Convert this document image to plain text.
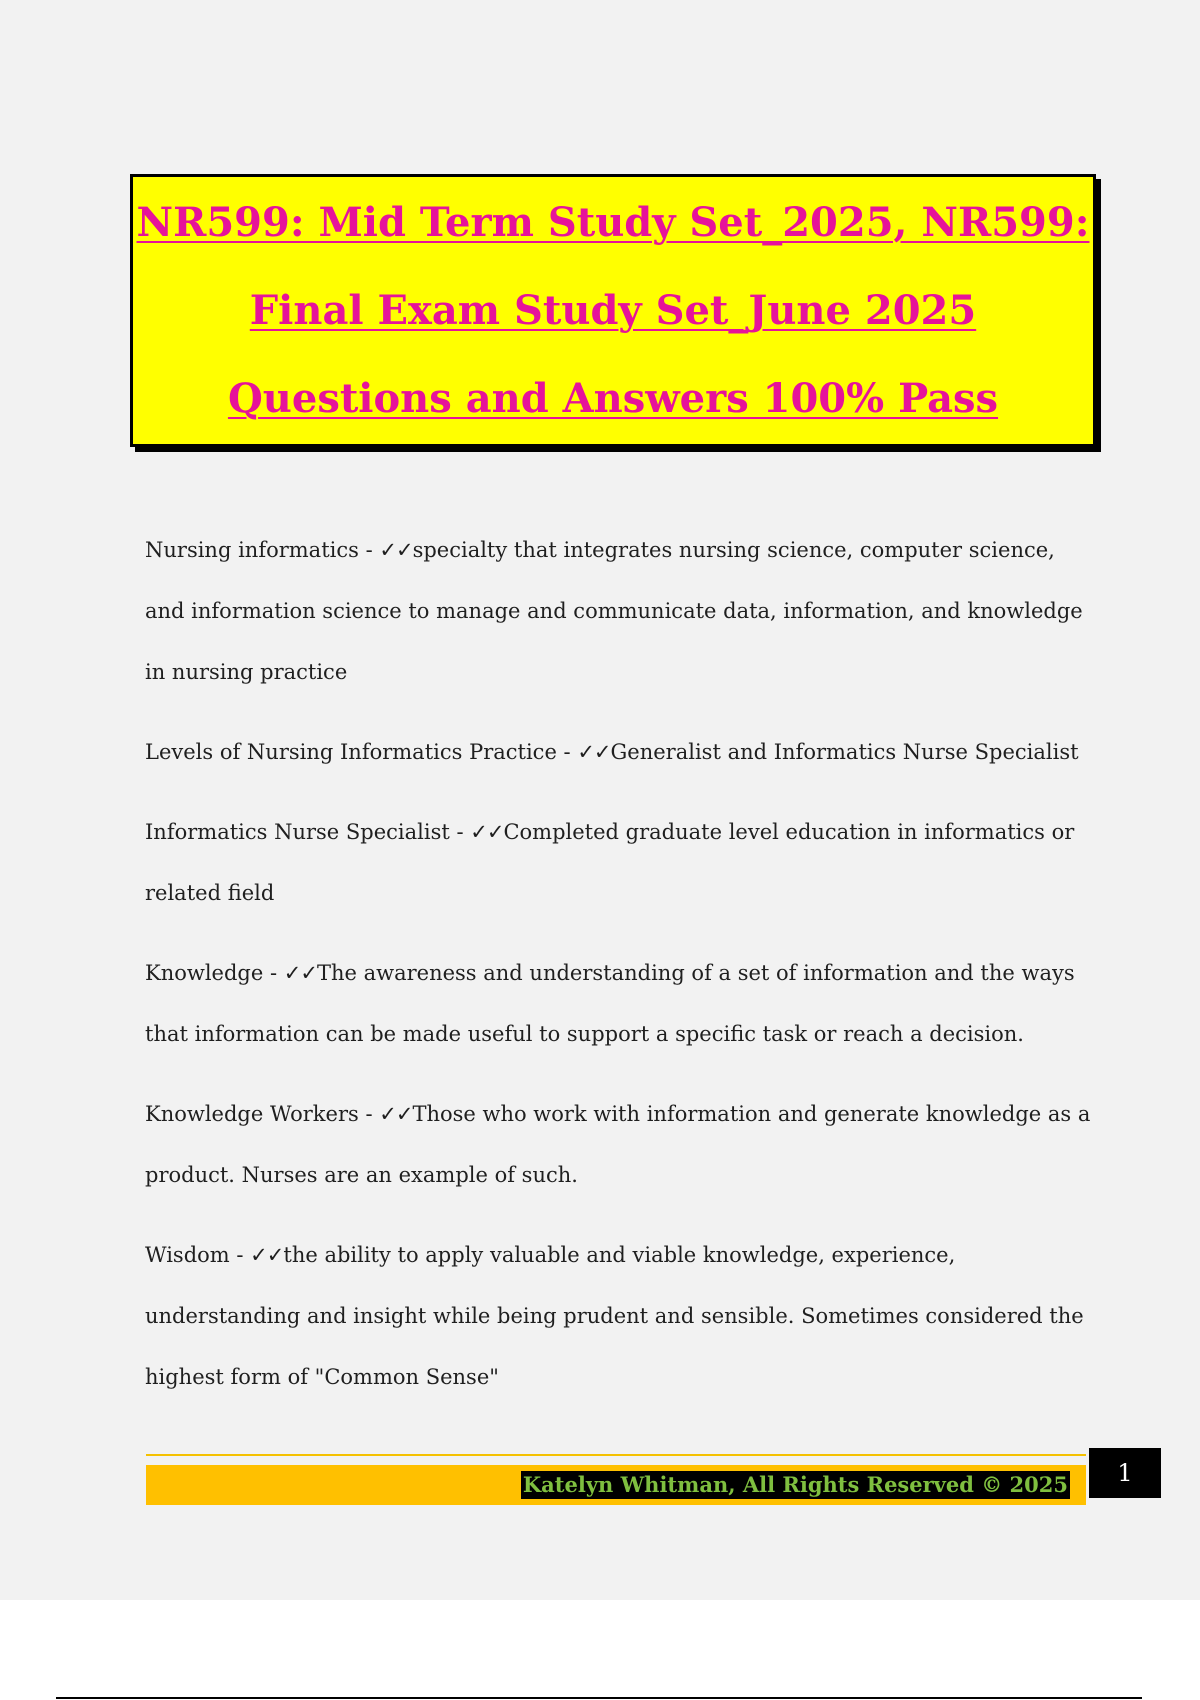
NR599: Mid Term Study Set_2025, NR599:
Final Exam Study Set_June 2025
Questions and Answers 100% Pass

Nursing informatics - ✓✓specialty that integrates nursing science, computer science, and information science to manage and communicate data, information, and knowledge in nursing practice

Levels of Nursing Informatics Practice - ✓✓Generalist and Informatics Nurse Specialist

Informatics Nurse Specialist - ✓✓Completed graduate level education in informatics or related field

Knowledge - ✓✓The awareness and understanding of a set of information and the ways that information can be made useful to support a specific task or reach a decision.

Knowledge Workers - ✓✓Those who work with information and generate knowledge as a product. Nurses are an example of such.

Wisdom - ✓✓the ability to apply valuable and viable knowledge, experience, understanding and insight while being prudent and sensible. Sometimes considered the highest form of "Common Sense"

Katelyn Whitman, All Rights Reserved © 2025	1
